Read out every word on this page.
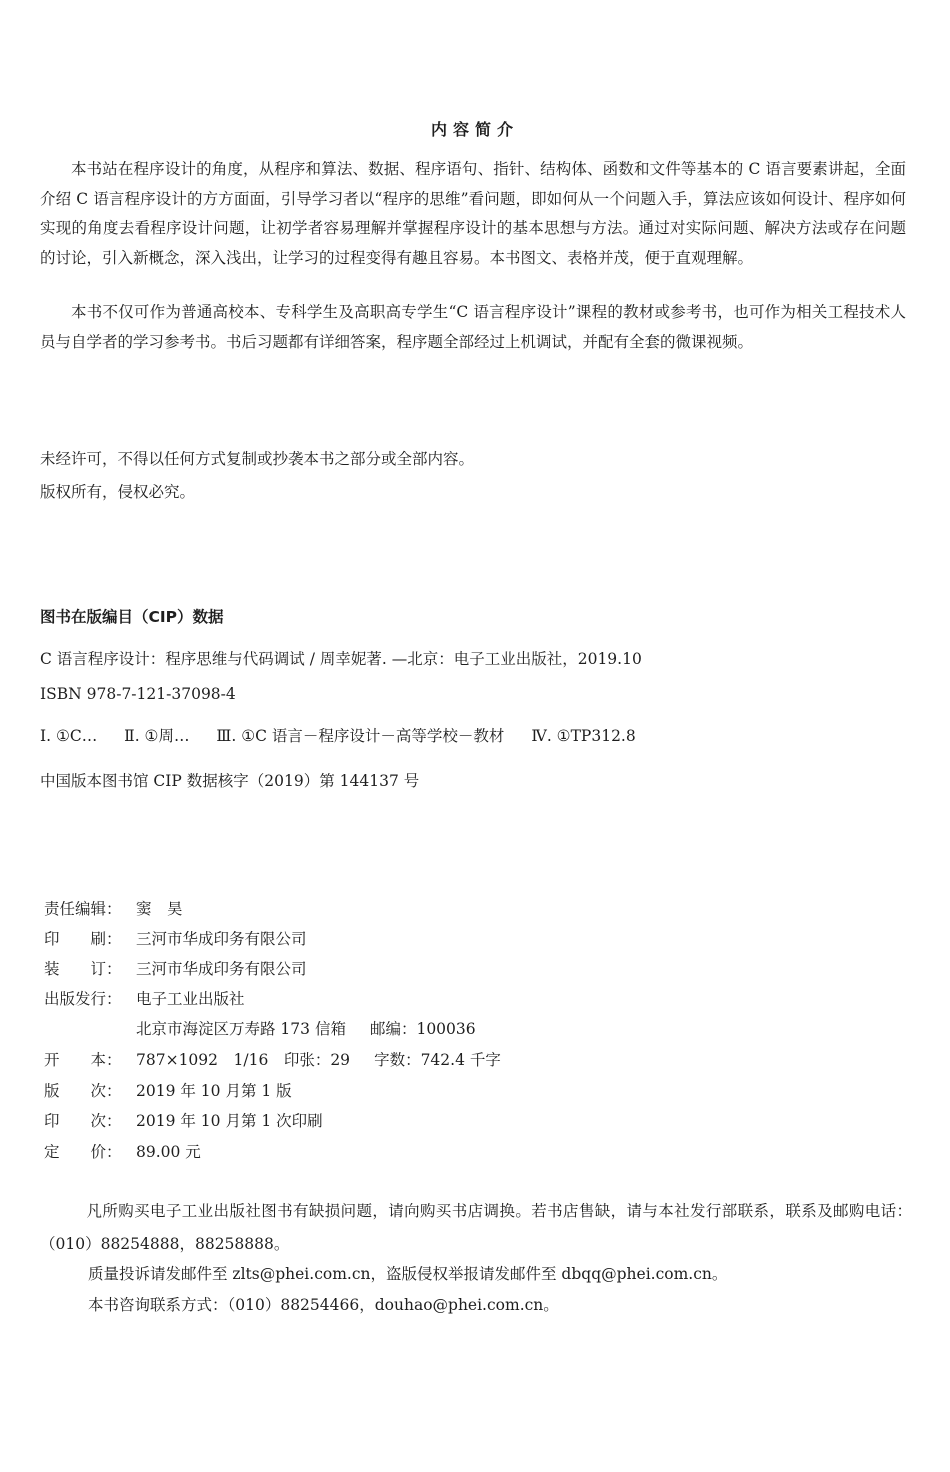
内容简介

本书站在程序设计的角度，从程序和算法、数据、程序语句、指针、结构体、函数和文件等基本的 C 语言要素讲起，全面介绍 C 语言程序设计的方方面面，引导学习者以“程序的思维”看问题，即如何从一个问题入手，算法应该如何设计、程序如何实现的角度去看程序设计问题，让初学者容易理解并掌握程序设计的基本思想与方法。通过对实际问题、解决方法或存在问题的讨论，引入新概念，深入浅出，让学习的过程变得有趣且容易。本书图文、表格并茂，便于直观理解。

本书不仅可作为普通高校本、专科学生及高职高专学生“C 语言程序设计”课程的教材或参考书，也可作为相关工程技术人员与自学者的学习参考书。书后习题都有详细答案，程序题全部经过上机调试，并配有全套的微课视频。

未经许可，不得以任何方式复制或抄袭本书之部分或全部内容。
版权所有，侵权必究。
图书在版编目（CIP）数据
C 语言程序设计：程序思维与代码调试 / 周幸妮著. —北京：电子工业出版社，2019.10
ISBN 978-7-121-37098-4
Ⅰ. ①C… Ⅱ. ①周… Ⅲ. ①C 语言－程序设计－高等学校－教材 Ⅳ. ①TP312.8
中国版本图书馆 CIP 数据核字（2019）第 144137 号
责任编辑： 窦　昊
印　　刷： 三河市华成印务有限公司
装　　订： 三河市华成印务有限公司
出版发行： 电子工业出版社
北京市海淀区万寿路 173 信箱 邮编：100036
开　　本： 787×1092　1/16　印张：29 字数：742.4 千字
版　　次： 2019 年 10 月第 1 版
印　　次： 2019 年 10 月第 1 次印刷
定　　价： 89.00 元

凡所购买电子工业出版社图书有缺损问题，请向购买书店调换。若书店售缺，请与本社发行部联系，联系及邮购电话：（010）88254888，88258888。

质量投诉请发邮件至 zlts@phei.com.cn，盗版侵权举报请发邮件至 dbqq@phei.com.cn。
本书咨询联系方式：（010）88254466，douhao@phei.com.cn。
